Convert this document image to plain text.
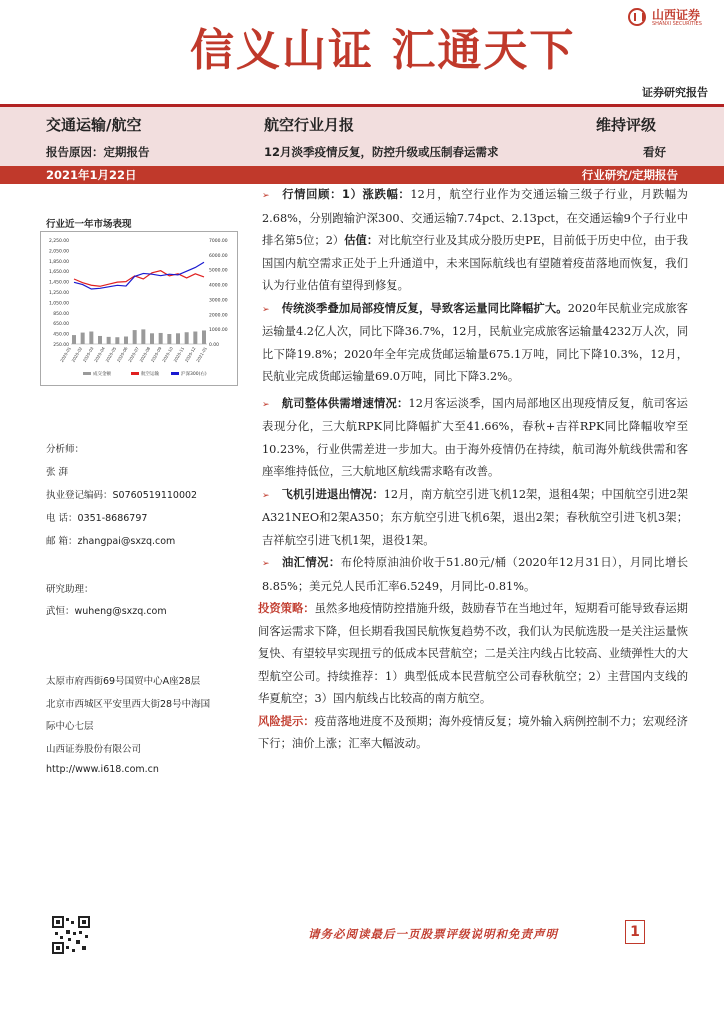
信义山证 汇通天下
山西证券
SHANXI SECURITIES
证券研究报告
交通运输/航空	航空行业月报	维持评级
报告原因：定期报告	12月淡季疫情反复，防控升级或压制春运需求	看好
2021年1月22日	行业研究/定期报告
行业近一年市场表现
2,250.00
2,050.00
1,850.00
1,650.00
1,450.00
1,250.00
1,050.00
850.00
650.00
450.00
250.00
7000.00
6000.00
5000.00
4000.00
3000.00
2000.00
1000.00
0.00
2020-01
2020-02
2020-03
2020-04
2020-05
2020-06
2020-07
2020-08
2020-09
2020-10
2020-11
2020-12
2021-01
成交金额	航空运输	沪深300(右)
分析师：
张 湃
执业登记编码：S0760519110002
电 话：0351-8686797
邮 箱：zhangpai@sxzq.com
研究助理：
武恒：wuheng@sxzq.com
太原市府西街69号国贸中心A座28层
北京市西城区平安里西大街28号中海国
际中心七层
山西证券股份有限公司
http://www.i618.com.cn

➢ 行情回顾：1）涨跌幅：12月，航空行业作为交通运输三级子行业，月跌幅为2.68%，分别跑输沪深300、交通运输7.74pct、2.13pct，在交通运输9个子行业中排名第5位；2）估值：对比航空行业及其成分股历史PE，目前低于历史中位，由于我国国内航空需求正处于上升通道中，未来国际航线也有望随着疫苗落地而恢复，我们认为行业估值有望得到修复。

➢ 传统淡季叠加局部疫情反复，导致客运量同比降幅扩大。2020年民航业完成旅客运输量4.2亿人次，同比下降36.7%，12月，民航业完成旅客运输量4232万人次，同比下降19.8%；2020年全年完成货邮运输量675.1万吨，同比下降10.3%，12月，民航业完成货邮运输量69.0万吨，同比下降3.2%。

➢ 航司整体供需增速情况：12月客运淡季，国内局部地区出现疫情反复，航司客运表现分化，三大航RPK同比降幅扩大至41.66%，春秋+吉祥RPK同比降幅收窄至10.23%，行业供需差进一步加大。由于海外疫情仍在持续，航司海外航线供需和客座率维持低位，三大航地区航线需求略有改善。

➢ 飞机引进退出情况：12月，南方航空引进飞机12架，退租4架；中国航空引进2架A321NEO和2架A350；东方航空引进飞机6架，退出2架；春秋航空引进飞机3架；吉祥航空引进飞机1架，退役1架。

➢ 油汇情况：布伦特原油油价收于51.80元/桶（2020年12月31日），月同比增长8.85%；美元兑人民币汇率6.5249，月同比-0.81%。

投资策略：虽然多地疫情防控措施升级，鼓励春节在当地过年，短期看可能导致春运期间客运需求下降，但长期看我国民航恢复趋势不改，我们认为民航选股一是关注运量恢复快、有望较早实现扭亏的低成本民营航空；二是关注内线占比较高、业绩弹性大的大型航空公司。持续推荐：1）典型低成本民营航空公司春秋航空；2）主营国内支线的华夏航空；3）国内航线占比较高的南方航空。

风险提示：疫苗落地进度不及预期；海外疫情反复；境外输入病例控制不力；宏观经济下行；油价上涨；汇率大幅波动。

请务必阅读最后一页股票评级说明和免责声明	1
